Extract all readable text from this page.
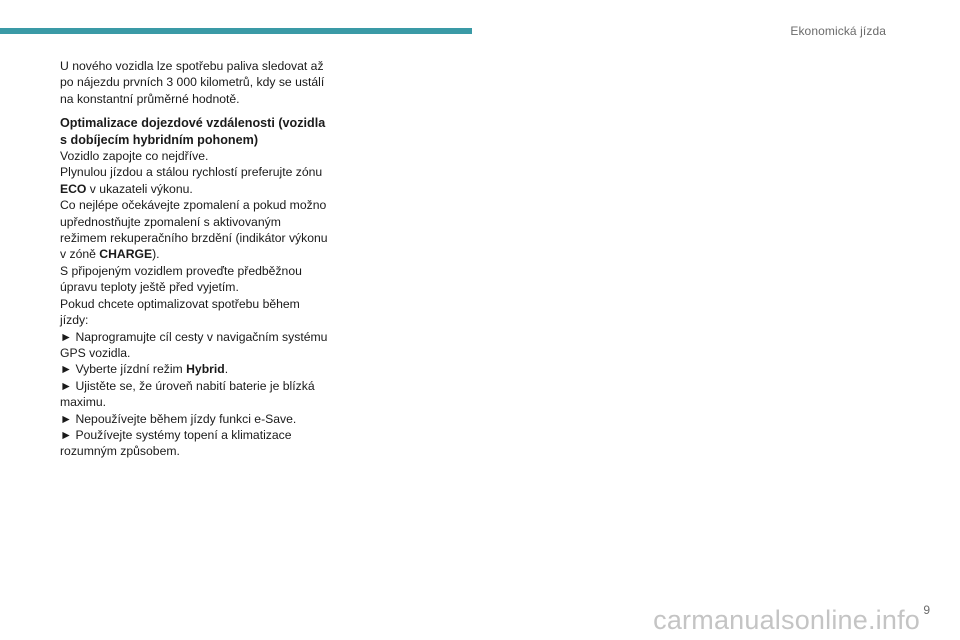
Ekonomická jízda

U nového vozidla lze spotřebu paliva sledovat až po nájezdu prvních 3 000 kilometrů, kdy se ustálí na konstantní průměrné hodnotě.

Optimalizace dojezdové vzdálenosti (vozidla s dobíjecím hybridním pohonem)

Vozidlo zapojte co nejdříve.

Plynulou jízdou a stálou rychlostí preferujte zónu ECO v ukazateli výkonu.

Co nejlépe očekávejte zpomalení a pokud možno upřednostňujte zpomalení s aktivovaným režimem rekuperačního brzdění (indikátor výkonu v zóně CHARGE).

S připojeným vozidlem proveďte předběžnou úpravu teploty ještě před vyjetím.

Pokud chcete optimalizovat spotřebu během jízdy:

► Naprogramujte cíl cesty v navigačním systému GPS vozidla.

► Vyberte jízdní režim Hybrid.

► Ujistěte se, že úroveň nabití baterie je blízká maximu.

► Nepoužívejte během jízdy funkci e-Save.

► Používejte systémy topení a klimatizace rozumným způsobem.

9
carmanualsonline.info
